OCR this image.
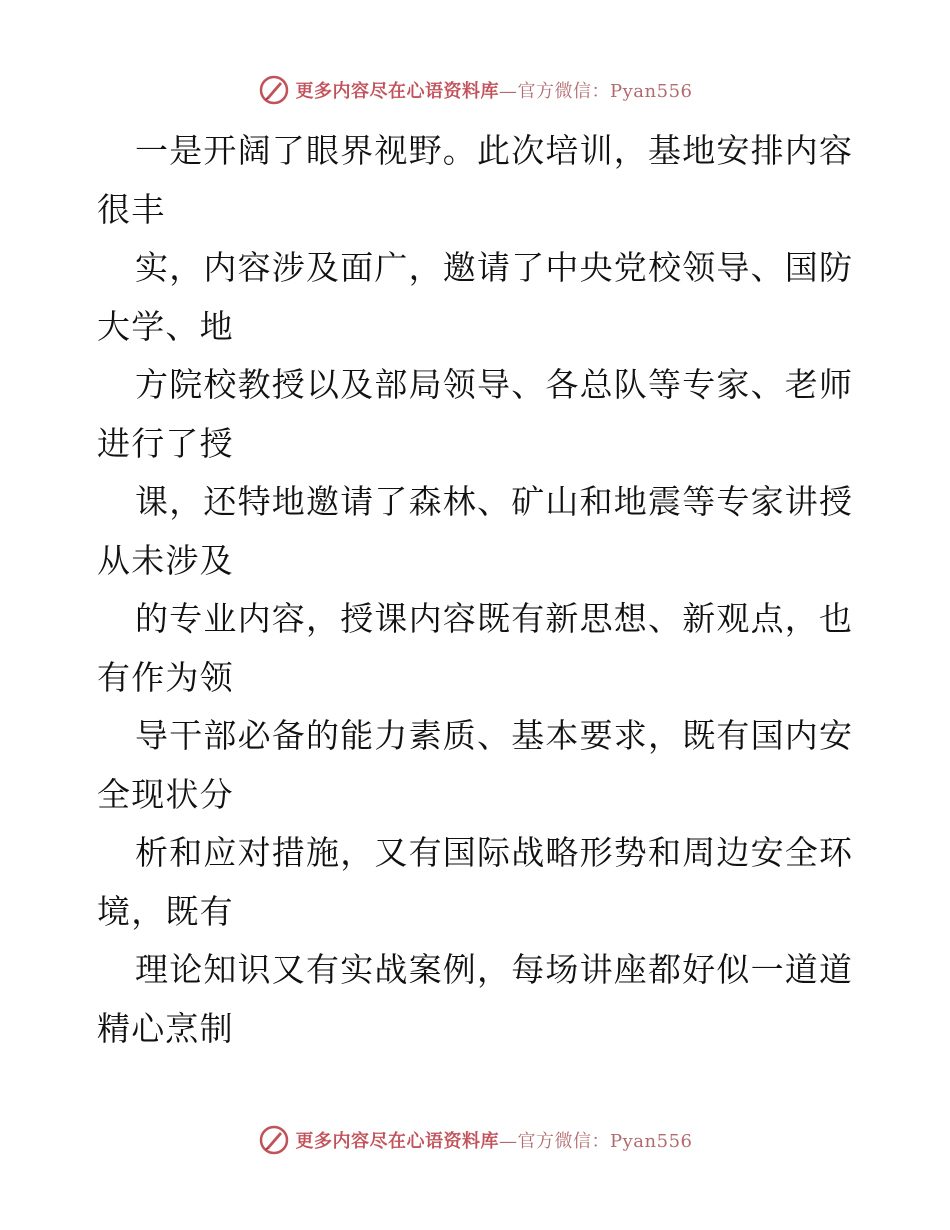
更多内容尽在心语资料库—官方微信：Pyan556
一是开阔了眼界视野。此次培训，基地安排内容
很丰
实，内容涉及面广，邀请了中央党校领导、国防
大学、地
方院校教授以及部局领导、各总队等专家、老师
进行了授
课，还特地邀请了森林、矿山和地震等专家讲授
从未涉及
的专业内容，授课内容既有新思想、新观点，也
有作为领
导干部必备的能力素质、基本要求，既有国内安
全现状分
析和应对措施，又有国际战略形势和周边安全环
境，既有
理论知识又有实战案例，每场讲座都好似一道道
精心烹制
更多内容尽在心语资料库—官方微信：Pyan556
